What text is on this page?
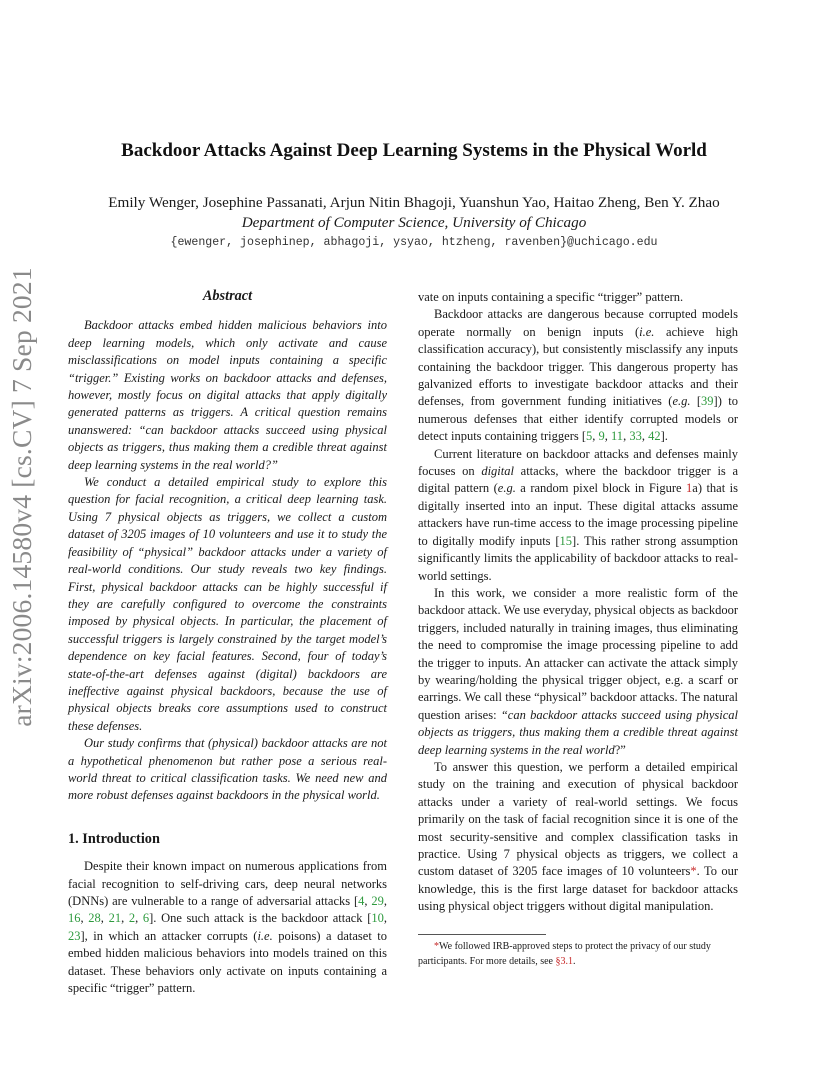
arXiv:2006.14580v4 [cs.CV] 7 Sep 2021
Backdoor Attacks Against Deep Learning Systems in the Physical World
Emily Wenger, Josephine Passanati, Arjun Nitin Bhagoji, Yuanshun Yao, Haitao Zheng, Ben Y. Zhao
Department of Computer Science, University of Chicago
{ewenger, josephinep, abhagoji, ysyao, htzheng, ravenben}@uchicago.edu

Abstract

Backdoor attacks embed hidden malicious behaviors into deep learning models, which only activate and cause misclassifications on model inputs containing a specific “trigger.” Existing works on backdoor attacks and defenses, however, mostly focus on digital attacks that apply digitally generated patterns as triggers. A critical question remains unanswered: “can backdoor attacks succeed using physical objects as triggers, thus making them a credible threat against deep learning systems in the real world?”

We conduct a detailed empirical study to explore this question for facial recognition, a critical deep learning task. Using 7 physical objects as triggers, we collect a custom dataset of 3205 images of 10 volunteers and use it to study the feasibility of “physical” backdoor attacks under a variety of real-world conditions. Our study reveals two key findings. First, physical backdoor attacks can be highly successful if they are carefully configured to overcome the constraints imposed by physical objects. In particular, the placement of successful triggers is largely constrained by the target model’s dependence on key facial features. Second, four of today’s state-of-the-art defenses against (digital) backdoors are ineffective against physical backdoors, because the use of physical objects breaks core assumptions used to construct these defenses.

Our study confirms that (physical) backdoor attacks are not a hypothetical phenomenon but rather pose a serious real-world threat to critical classification tasks. We need new and more robust defenses against backdoors in the physical world.

1. Introduction

Despite their known impact on numerous applications from facial recognition to self-driving cars, deep neural networks (DNNs) are vulnerable to a range of adversarial attacks [4, 29, 16, 28, 21, 2, 6]. One such attack is the backdoor attack [10, 23], in which an attacker corrupts (i.e. poisons) a dataset to embed hidden malicious behaviors into models trained on this dataset. These behaviors only activate on inputs containing a specific “trigger” pattern.

vate on inputs containing a specific “trigger” pattern.

Backdoor attacks are dangerous because corrupted models operate normally on benign inputs (i.e. achieve high classification accuracy), but consistently misclassify any inputs containing the backdoor trigger. This dangerous property has galvanized efforts to investigate backdoor attacks and their defenses, from government funding initiatives (e.g. [39]) to numerous defenses that either identify corrupted models or detect inputs containing triggers [5, 9, 11, 33, 42].

Current literature on backdoor attacks and defenses mainly focuses on digital attacks, where the backdoor trigger is a digital pattern (e.g. a random pixel block in Figure 1a) that is digitally inserted into an input. These digital attacks assume attackers have run-time access to the image processing pipeline to digitally modify inputs [15]. This rather strong assumption significantly limits the applicability of backdoor attacks to real-world settings.

In this work, we consider a more realistic form of the backdoor attack. We use everyday, physical objects as backdoor triggers, included naturally in training images, thus eliminating the need to compromise the image processing pipeline to add the trigger to inputs. An attacker can activate the attack simply by wearing/holding the physical trigger object, e.g. a scarf or earrings. We call these “physical” backdoor attacks. The natural question arises: “can backdoor attacks succeed using physical objects as triggers, thus making them a credible threat against deep learning systems in the real world?”

To answer this question, we perform a detailed empirical study on the training and execution of physical backdoor attacks under a variety of real-world settings. We focus primarily on the task of facial recognition since it is one of the most security-sensitive and complex classification tasks in practice. Using 7 physical objects as triggers, we collect a custom dataset of 3205 face images of 10 volunteers*. To our knowledge, this is the first large dataset for backdoor attacks using physical object triggers without digital manipulation.

*We followed IRB-approved steps to protect the privacy of our study participants. For more details, see §3.1.
